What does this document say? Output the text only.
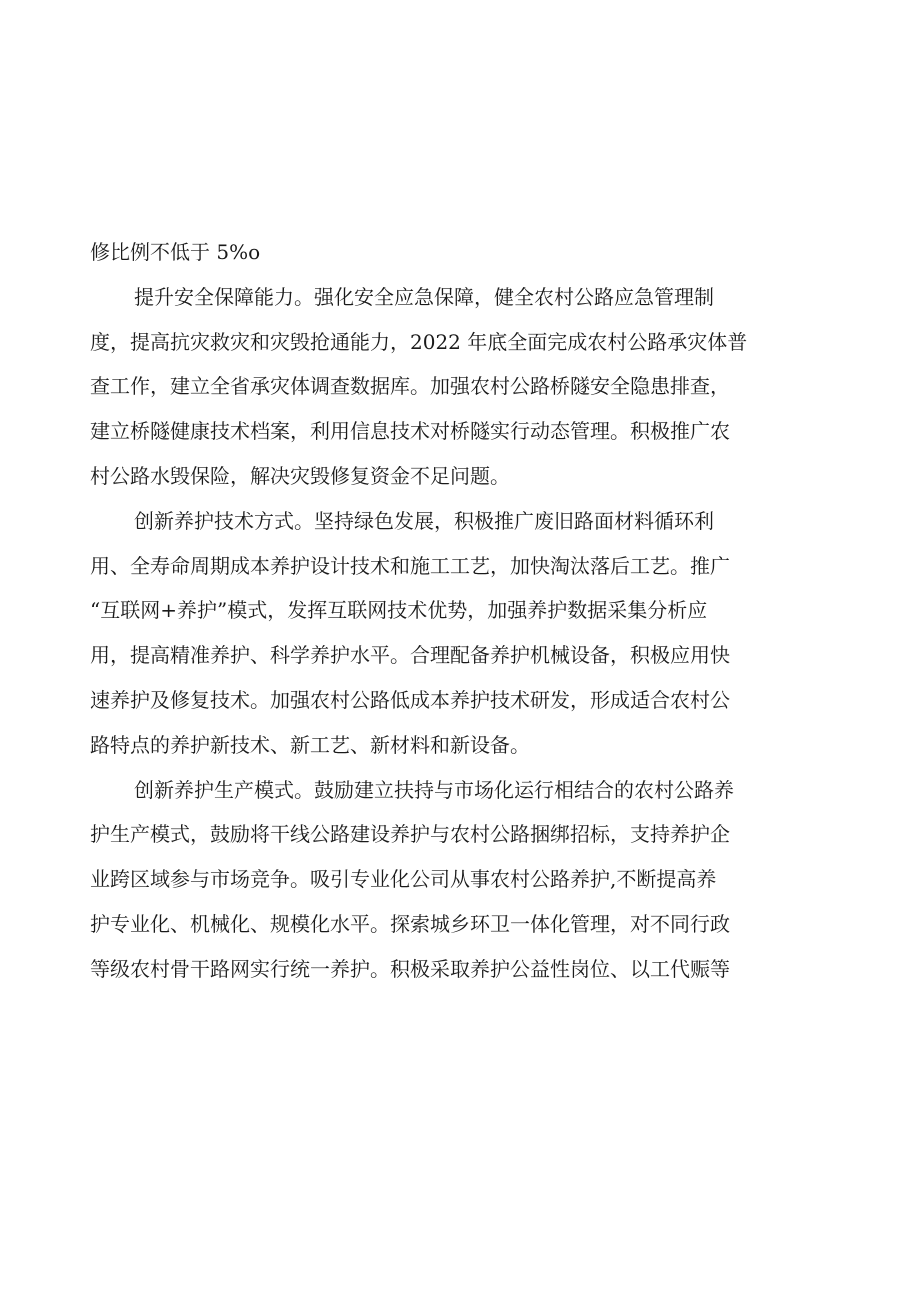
修比例不低于 5%o
提升安全保障能力。强化安全应急保障，健全农村公路应急管理制
度，提高抗灾救灾和灾毁抢通能力，2022 年底全面完成农村公路承灾体普
查工作，建立全省承灾体调查数据库。加强农村公路桥隧安全隐患排查，
建立桥隧健康技术档案，利用信息技术对桥隧实行动态管理。积极推广农
村公路水毁保险，解决灾毁修复资金不足问题。
创新养护技术方式。坚持绿色发展，积极推广废旧路面材料循环利
用、全寿命周期成本养护设计技术和施工工艺，加快淘汰落后工艺。推广
“互联网+养护”模式，发挥互联网技术优势，加强养护数据采集分析应
用，提高精准养护、科学养护水平。合理配备养护机械设备，积极应用快
速养护及修复技术。加强农村公路低成本养护技术研发，形成适合农村公
路特点的养护新技术、新工艺、新材料和新设备。
创新养护生产模式。鼓励建立扶持与市场化运行相结合的农村公路养
护生产模式，鼓励将干线公路建设养护与农村公路捆绑招标，支持养护企
业跨区域参与市场竞争。吸引专业化公司从事农村公路养护,不断提高养
护专业化、机械化、规模化水平。探索城乡环卫一体化管理，对不同行政
等级农村骨干路网实行统一养护。积极采取养护公益性岗位、以工代赈等
